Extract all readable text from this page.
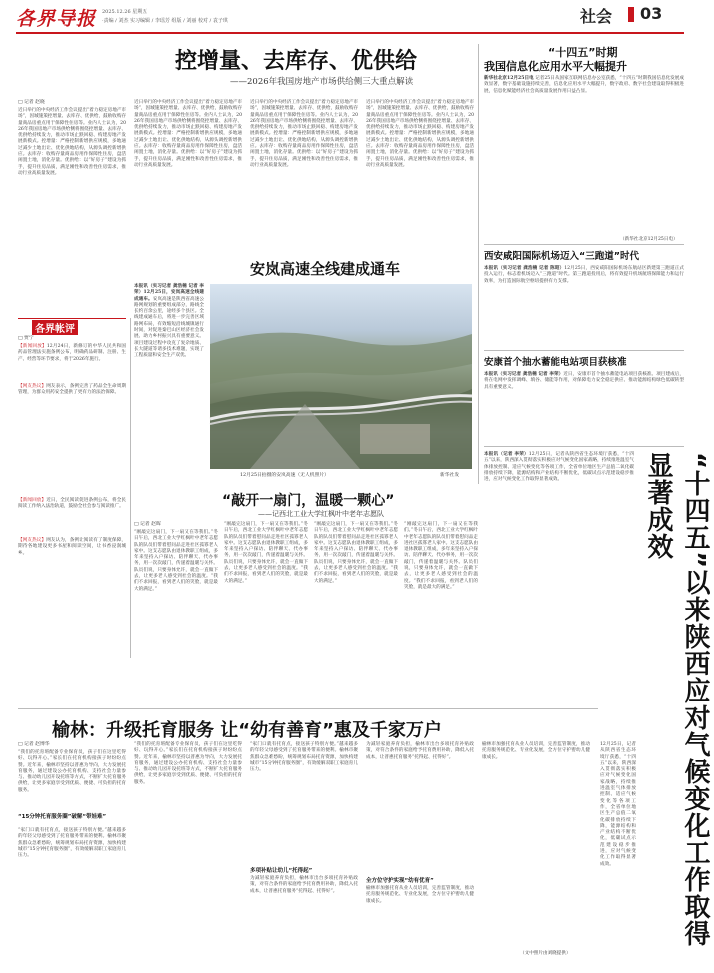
各界导报 2025.12.26 星期五
·责编 / 刘杰 实习编辑 / 李瑶芳 组版 / 刘丽 校对 / 袁子琪	社会 03
控增量、去库存、优供给
——2026年我国房地产市场供给侧三大重点解读
□ 记者 赵晓
近日举行的中央经济工作会议提出“着力稳定房地产市场”，因城施策控增量、去库存、优供给，鼓励收购存量商品房重点用于保障性住房等。业内人士认为，2026年我国房地产市场供给侧将围绕控增量、去库存、优供给持续发力，推动市场止跌回稳、构建房地产发展新模式。控增量：严格控制新增供应规模，多地通过减少土地出让、优化供地结构，从源头调控新增供应。去库存：收购存量商品房用作保障性住房，盘活闲置土地，消化存量。优供给：以“好房子”建设为抓手，提升住房品质，满足刚性和改善性住房需求，推动行业高质量发展。
近日举行的中央经济工作会议提出“着力稳定房地产市场”，因城施策控增量、去库存、优供给，鼓励收购存量商品房重点用于保障性住房等。业内人士认为，2026年我国房地产市场供给侧将围绕控增量、去库存、优供给持续发力，推动市场止跌回稳、构建房地产发展新模式。控增量：严格控制新增供应规模，多地通过减少土地出让、优化供地结构，从源头调控新增供应。去库存：收购存量商品房用作保障性住房，盘活闲置土地，消化存量。优供给：以“好房子”建设为抓手，提升住房品质，满足刚性和改善性住房需求，推动行业高质量发展。
近日举行的中央经济工作会议提出“着力稳定房地产市场”，因城施策控增量、去库存、优供给，鼓励收购存量商品房重点用于保障性住房等。业内人士认为，2026年我国房地产市场供给侧将围绕控增量、去库存、优供给持续发力，推动市场止跌回稳、构建房地产发展新模式。控增量：严格控制新增供应规模，多地通过减少土地出让、优化供地结构，从源头调控新增供应。去库存：收购存量商品房用作保障性住房，盘活闲置土地，消化存量。优供给：以“好房子”建设为抓手，提升住房品质，满足刚性和改善性住房需求，推动行业高质量发展。
近日举行的中央经济工作会议提出“着力稳定房地产市场”，因城施策控增量、去库存、优供给，鼓励收购存量商品房重点用于保障性住房等。业内人士认为，2026年我国房地产市场供给侧将围绕控增量、去库存、优供给持续发力，推动市场止跌回稳、构建房地产发展新模式。控增量：严格控制新增供应规模，多地通过减少土地出让、优化供地结构，从源头调控新增供应。去库存：收购存量商品房用作保障性住房，盘活闲置土地，消化存量。优供给：以“好房子”建设为抓手，提升住房品质，满足刚性和改善性住房需求，推动行业高质量发展。
各界帐评
□ 贾宁
【新闻回放】12月24日，新修订的中华人民共和国药品管理法实施条例公布，明确药品研制、注册、生产、经营等环节要求，将于2026年施行。
【网友热议】网友表示，条例完善了药品全生命周期管理，为群众用药安全提供了更有力的法治保障。
【新闻回放】近日，全民阅读促进条例公布，将全民阅读工作纳入法治轨道，鼓励全社会参与阅读推广。
【网友热议】网友认为，条例让阅读有了制度保障，期待各地建设更多书屋和阅读空间，让书香浸润城乡。
安岚高速全线建成通车
本报讯（实习记者 龚浩楠 记者 李荣）12月25日，安岚高速全线建成通车。安岚高速是陕西省高速公路网规划的重要组成部分，路线全长约百余公里，途经多个县区。全线建成通车后，将进一步完善区域路网布局，有效缩短沿线城镇通行时间，对促进秦巴山区经济社会发展、助力乡村振兴具有重要意义。项目建设过程中攻克了复杂地质、长大隧道等诸多技术难题，实现了工程质量和安全生产双优。
12月25日拍摄的安岚高速（无人机照片）	新华社发
“敲开一扇门，温暖一颗心”
——记西北工业大学红枫叶中老年志愿队
□ 记者 赵晖
“刚敲完这扇门，下一扇又在等我们。”冬日午后，西北工业大学红枫叶中老年志愿队的队员们带着慰问品走进社区孤寡老人家中。这支志愿队由退休教职工组成，多年来坚持入户探访、陪伴聊天、代办事务，用一次次敲门，传递着温暖与关怀。队员们说，只要身体允许，就会一直做下去，让更多老人感受到社会的温度。“我们不求回报，看到老人们的笑脸，就是最大的满足。”
“刚敲完这扇门，下一扇又在等我们。”冬日午后，西北工业大学红枫叶中老年志愿队的队员们带着慰问品走进社区孤寡老人家中。这支志愿队由退休教职工组成，多年来坚持入户探访、陪伴聊天、代办事务，用一次次敲门，传递着温暖与关怀。队员们说，只要身体允许，就会一直做下去，让更多老人感受到社会的温度。“我们不求回报，看到老人们的笑脸，就是最大的满足。”
“刚敲完这扇门，下一扇又在等我们。”冬日午后，西北工业大学红枫叶中老年志愿队的队员们带着慰问品走进社区孤寡老人家中。这支志愿队由退休教职工组成，多年来坚持入户探访、陪伴聊天、代办事务，用一次次敲门，传递着温暖与关怀。队员们说，只要身体允许，就会一直做下去，让更多老人感受到社会的温度。“我们不求回报，看到老人们的笑脸，就是最大的满足。”
“刚敲完这扇门，下一扇又在等我们。”冬日午后，西北工业大学红枫叶中老年志愿队的队员们带着慰问品走进社区孤寡老人家中。这支志愿队由退休教职工组成，多年来坚持入户探访、陪伴聊天、代办事务，用一次次敲门，传递着温暖与关怀。队员们说，只要身体允许，就会一直做下去，让更多老人感受到社会的温度。“我们不求回报，看到老人们的笑脸，就是最大的满足。”
榆林：升级托育服务 让“幼有善育”惠及千家万户
□ 记者 赵博华
“我们的托育班配备专业保育员，孩子们在这里吃得好、玩得开心。”家长们在托育机构接孩子时纷纷点赞。近年来，榆林市坚持以普惠为导向，大力发展托育服务，通过建设公办托育机构、支持社会力量参与、推动幼儿园开设托班等方式，不断扩大托育服务供给，让更多家庭享受到优质、便捷、可负担的托育服务。
“15分钟托育服务圈”破解“带娃难”
“家门口就有托育点，接送孩子特别方便。”越来越多的年轻父母感受到了托育服务带来的便利。榆林市聚焦群众急难愁盼，统筹规划布局托育资源，加快构建城市“15分钟托育服务圈”，有效缓解双职工家庭育儿压力。
“我们的托育班配备专业保育员，孩子们在这里吃得好、玩得开心。”家长们在托育机构接孩子时纷纷点赞。近年来，榆林市坚持以普惠为导向，大力发展托育服务，通过建设公办托育机构、支持社会力量参与、推动幼儿园开设托班等方式，不断扩大托育服务供给，让更多家庭享受到优质、便捷、可负担的托育服务。
“家门口就有托育点，接送孩子特别方便。”越来越多的年轻父母感受到了托育服务带来的便利。榆林市聚焦群众急难愁盼，统筹规划布局托育资源，加快构建城市“15分钟托育服务圈”，有效缓解双职工家庭育儿压力。
多项补贴让幼儿“托得起”
为减轻家庭养育负担，榆林市出台多项托育补贴政策，对符合条件的家庭给予托育费用补助，降低入托成本，让普惠托育服务“托得起、托得好”。
为减轻家庭养育负担，榆林市出台多项托育补贴政策，对符合条件的家庭给予托育费用补助，降低入托成本，让普惠托育服务“托得起、托得好”。
全方位守护实现“幼有优育”
榆林市加强托育从业人员培训，完善监管制度，推动托育服务规范化、专业化发展，全方位守护婴幼儿健康成长。
榆林市加强托育从业人员培训，完善监管制度，推动托育服务规范化、专业化发展，全方位守护婴幼儿健康成长。
（文中照片由刘晓提供）
“十四五”时期
我国信息化应用水平大幅提升
新华社北京12月25日电 记者25日从国家互联网信息办公室获悉，“十四五”时期我国信息化发展成效显著，数字基础设施持续完善，信息化应用水平大幅提升，数字政府、数字社会建设取得积极进展，信息化赋能经济社会高质量发展作用日益凸显。
（新华社北京12月25日电）
西安咸阳国际机场迈入“三跑道”时代
本报讯（实习记者 龚浩楠 记者 陈昭）12月25日，西安咸阳国际机场东航站区新建第三跑道正式投入运行，标志着机场迈入“三跑道”时代。第三跑道投用后，将有效提升机场航班保障能力和运行效率，为打造国际航空枢纽提供有力支撑。
安康首个抽水蓄能电站项目获核准
本报讯（实习记者 龚浩楠 记者 李荣）近日，安康市首个抽水蓄能电站项目获核准。项目建成后，将在电网中发挥调峰、填谷、储能等作用，对保障电力安全稳定供应、推动能源结构绿色低碳转型具有重要意义。
本报讯（记者 李荣）12月25日，记者从陕西省生态环境厅获悉，“十四五”以来，陕西深入贯彻落实积极应对气候变化国家战略，持续推进温室气体排放控制、适应气候变化等各项工作，全省单位地区生产总值二氧化碳排放持续下降，能源结构和产业结构不断优化，低碳试点示范建设稳步推进，应对气候变化工作取得显著成效。	“十四五”以来陕西应对气候变化工作取得显著成效
12月25日，记者从陕西省生态环境厅获悉，“十四五”以来，陕西深入贯彻落实积极应对气候变化国家战略，持续推进温室气体排放控制、适应气候变化等各项工作，全省单位地区生产总值二氧化碳排放持续下降，能源结构和产业结构不断优化，低碳试点示范建设稳步推进，应对气候变化工作取得显著成效。
